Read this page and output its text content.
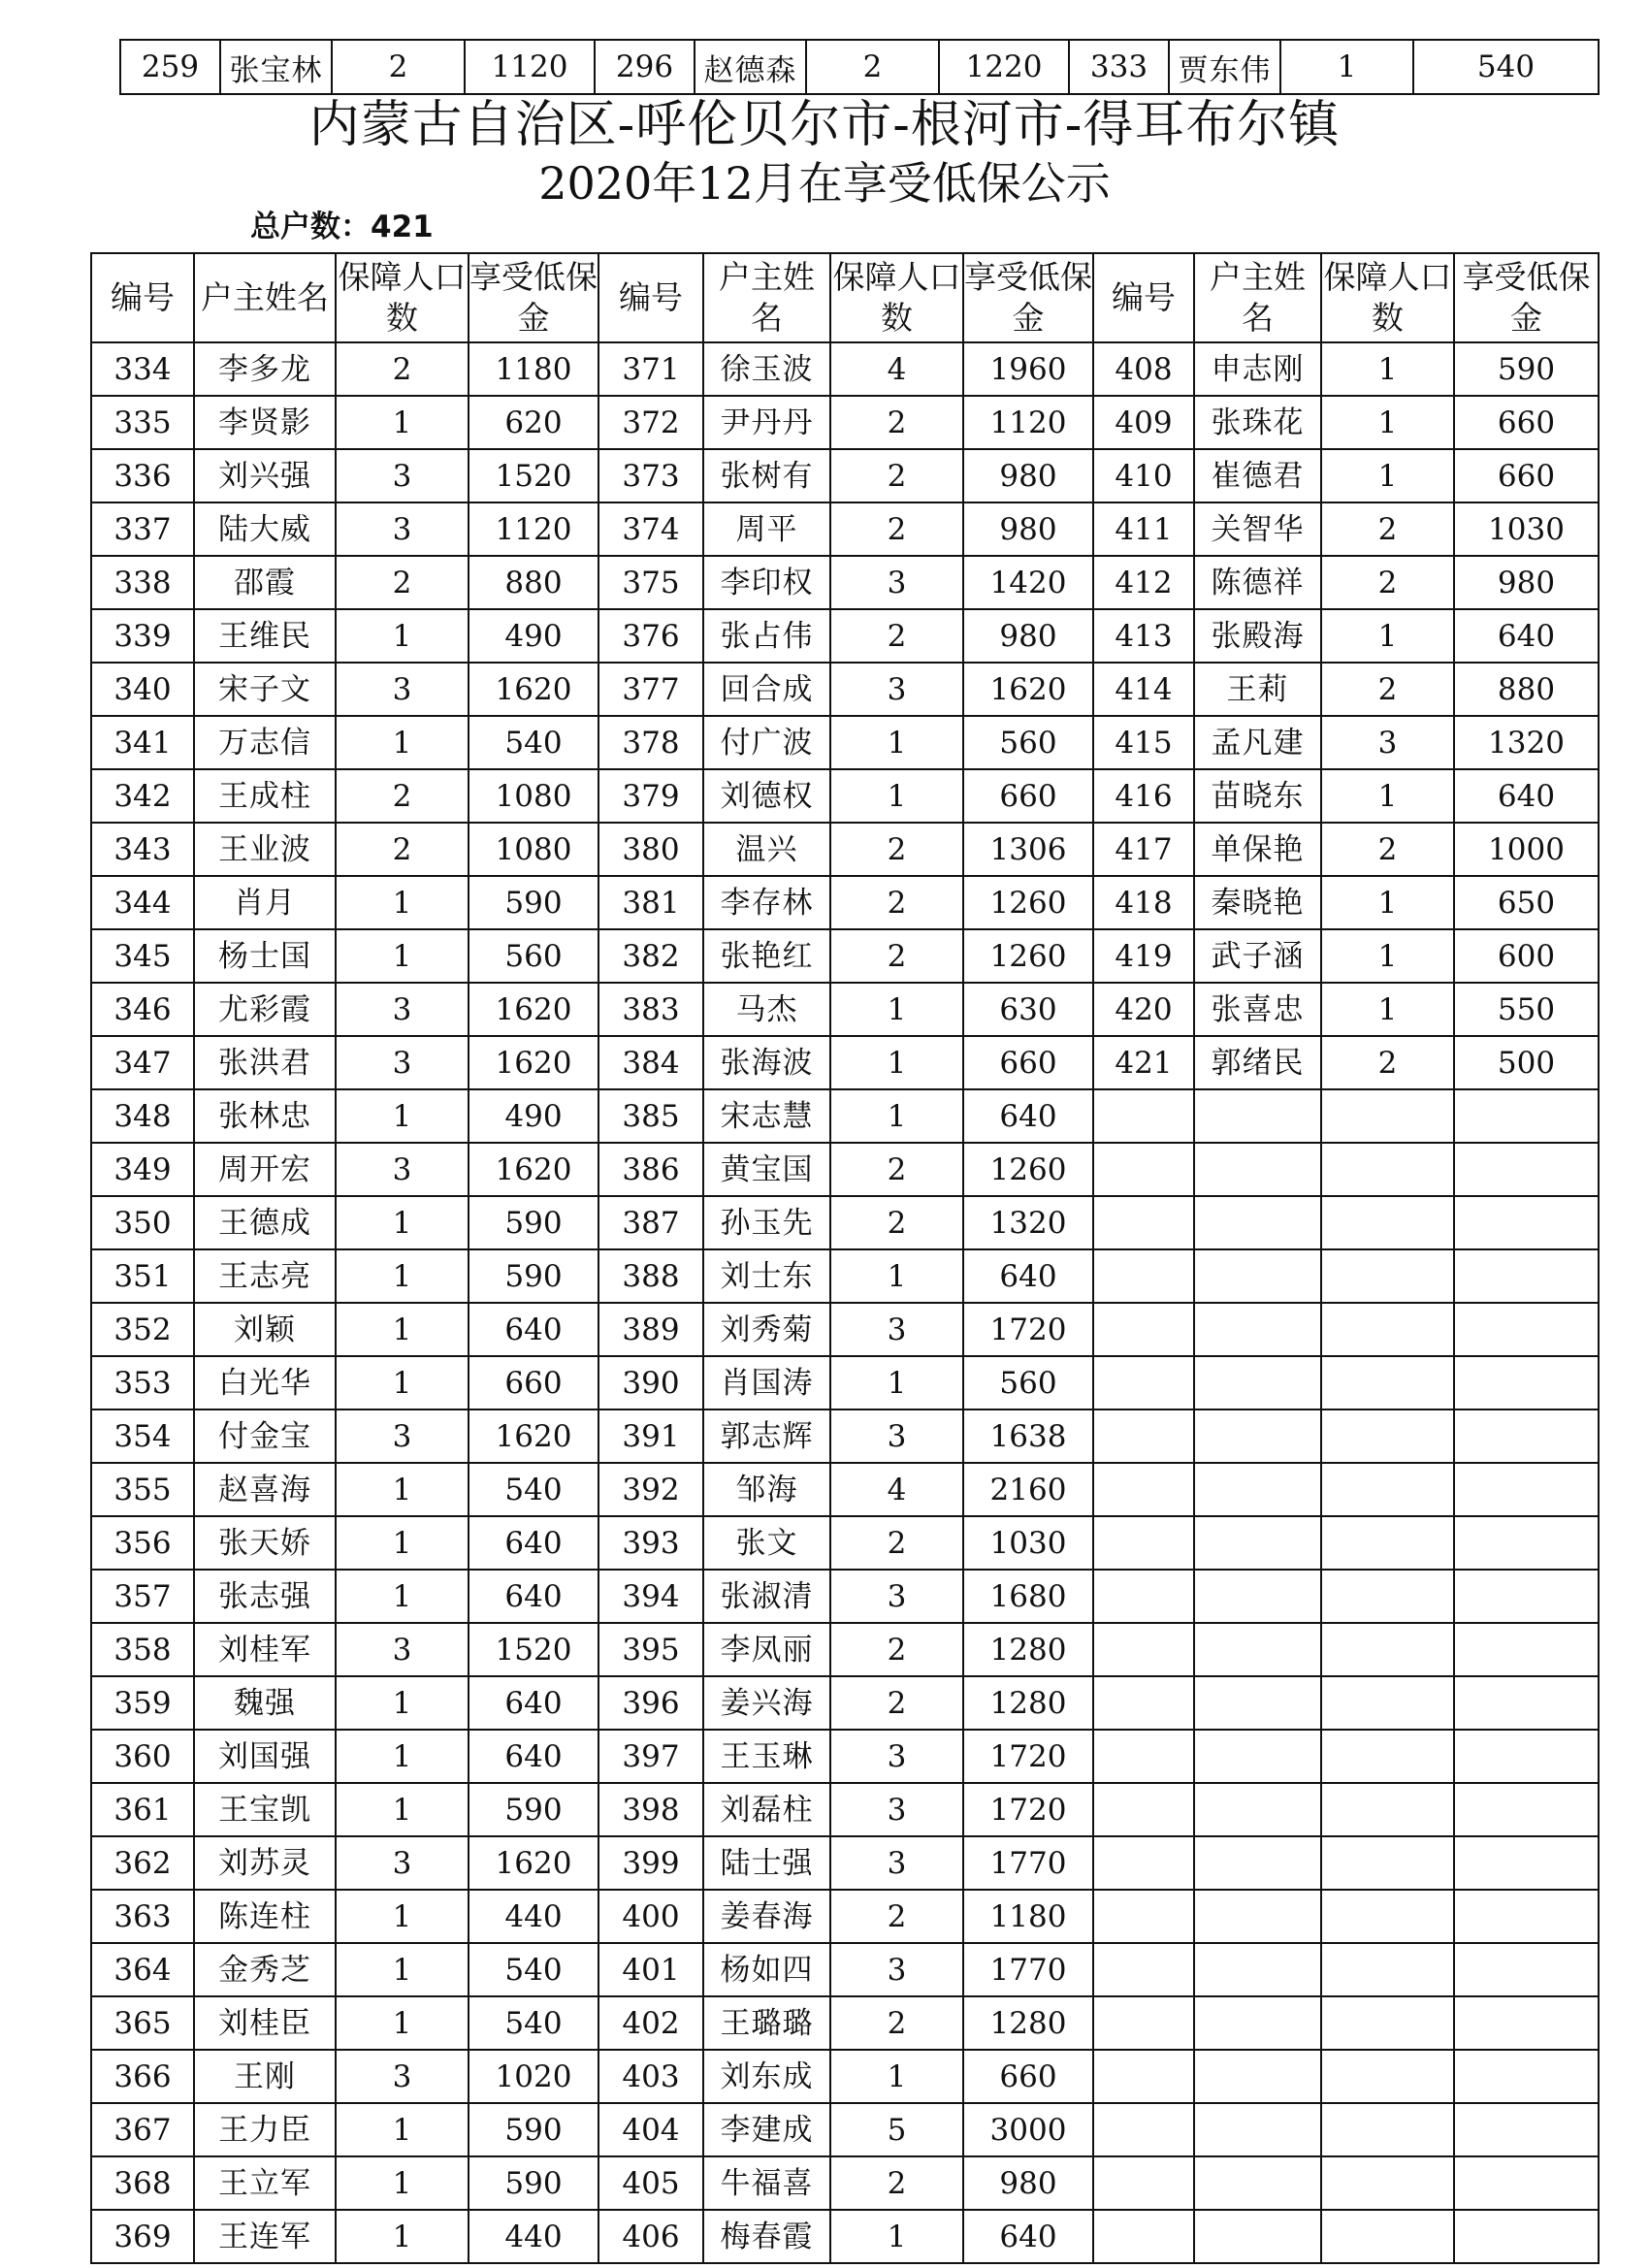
259	张宝林	2	1120	296	赵德森	2	1220	333	贾东伟	1	540
内蒙古自治区-呼伦贝尔市-根河市-得耳布尔镇
2020年12月在享受低保公示
总户数：421
编号	户主姓名	保障人口数	享受低保金	编号	户主姓名	保障人口数	享受低保金	编号	户主姓名	保障人口数	享受低保金
334	李多龙	2	1180	371	徐玉波	4	1960	408	申志刚	1	590
335	李贤影	1	620	372	尹丹丹	2	1120	409	张珠花	1	660
336	刘兴强	3	1520	373	张树有	2	980	410	崔德君	1	660
337	陆大威	3	1120	374	周平	2	980	411	关智华	2	1030
338	邵霞	2	880	375	李印权	3	1420	412	陈德祥	2	980
339	王维民	1	490	376	张占伟	2	980	413	张殿海	1	640
340	宋子文	3	1620	377	回合成	3	1620	414	王莉	2	880
341	万志信	1	540	378	付广波	1	560	415	孟凡建	3	1320
342	王成柱	2	1080	379	刘德权	1	660	416	苗晓东	1	640
343	王业波	2	1080	380	温兴	2	1306	417	单保艳	2	1000
344	肖月	1	590	381	李存林	2	1260	418	秦晓艳	1	650
345	杨士国	1	560	382	张艳红	2	1260	419	武子涵	1	600
346	尤彩霞	3	1620	383	马杰	1	630	420	张喜忠	1	550
347	张洪君	3	1620	384	张海波	1	660	421	郭绪民	2	500
348	张林忠	1	490	385	宋志慧	1	640				
349	周开宏	3	1620	386	黄宝国	2	1260				
350	王德成	1	590	387	孙玉先	2	1320				
351	王志亮	1	590	388	刘士东	1	640				
352	刘颖	1	640	389	刘秀菊	3	1720				
353	白光华	1	660	390	肖国涛	1	560				
354	付金宝	3	1620	391	郭志辉	3	1638				
355	赵喜海	1	540	392	邹海	4	2160				
356	张天娇	1	640	393	张文	2	1030				
357	张志强	1	640	394	张淑清	3	1680				
358	刘桂军	3	1520	395	李凤丽	2	1280				
359	魏强	1	640	396	姜兴海	2	1280				
360	刘国强	1	640	397	王玉琳	3	1720				
361	王宝凯	1	590	398	刘磊柱	3	1720				
362	刘苏灵	3	1620	399	陆士强	3	1770				
363	陈连柱	1	440	400	姜春海	2	1180				
364	金秀芝	1	540	401	杨如四	3	1770				
365	刘桂臣	1	540	402	王璐璐	2	1280				
366	王刚	3	1020	403	刘东成	1	660				
367	王力臣	1	590	404	李建成	5	3000				
368	王立军	1	590	405	牛福喜	2	980				
369	王连军	1	440	406	梅春霞	1	640				
